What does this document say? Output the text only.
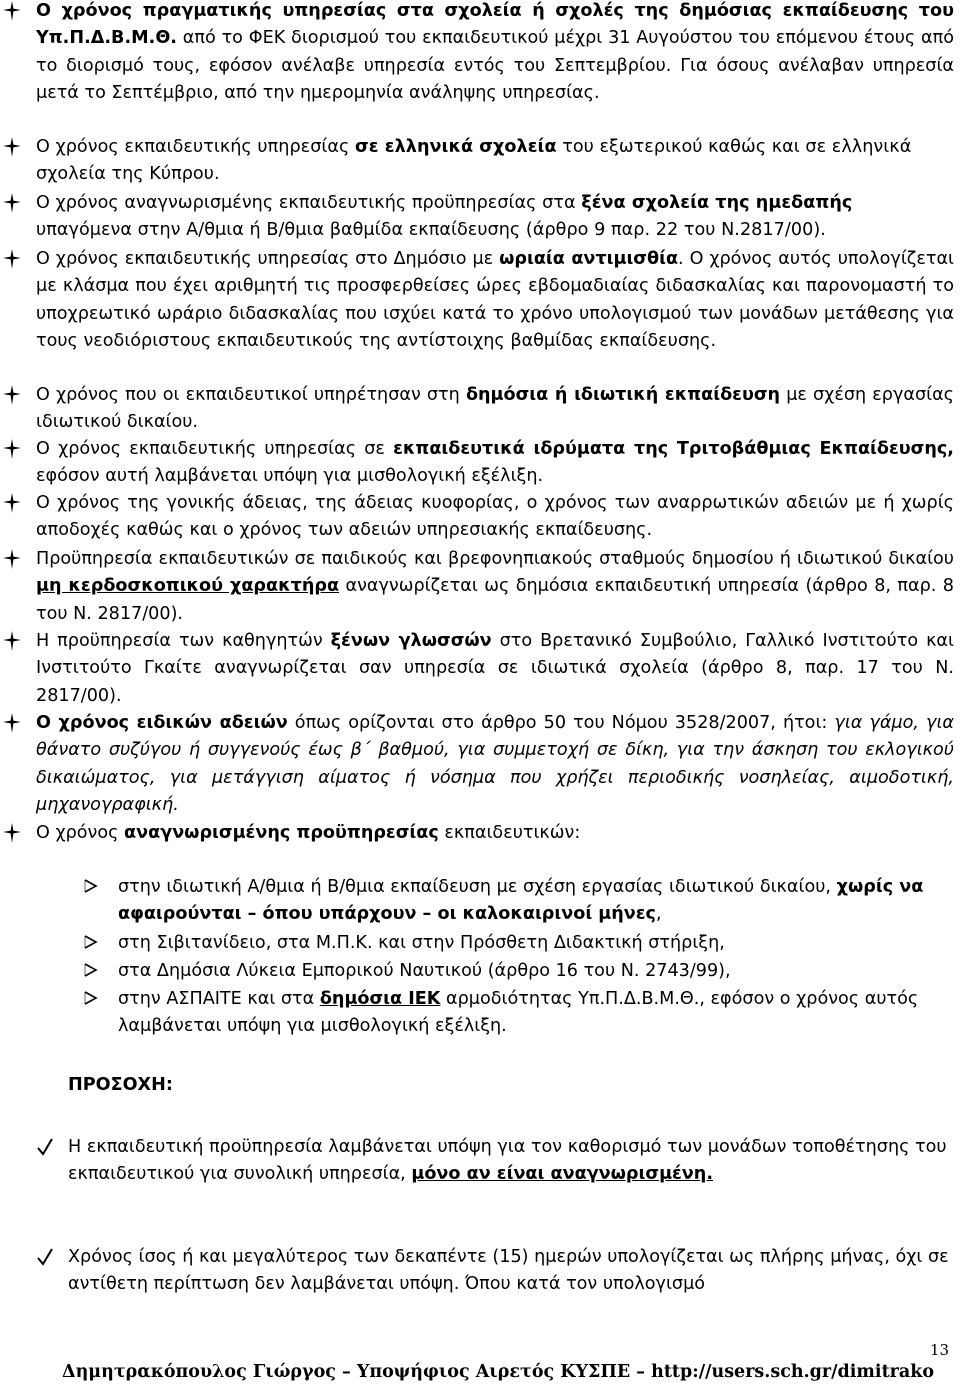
Ο χρόνος πραγματικής υπηρεσίας στα σχολεία ή σχολές της δημόσιας εκπαίδευσης του Υπ.Π.Δ.Β.Μ.Θ. από το ΦΕΚ διορισμού του εκπαιδευτικού μέχρι 31 Αυγούστου του επόμενου έτους από το διορισμό τους, εφόσον ανέλαβε υπηρεσία εντός του Σεπτεμβρίου. Για όσους ανέλαβαν υπηρεσία μετά το Σεπτέμβριο, από την ημερομηνία ανάληψης υπηρεσίας.
Ο χρόνος εκπαιδευτικής υπηρεσίας σε ελληνικά σχολεία του εξωτερικού καθώς και σε ελληνικά σχολεία της Κύπρου.
Ο χρόνος αναγνωρισμένης εκπαιδευτικής προϋπηρεσίας στα ξένα σχολεία της ημεδαπής υπαγόμενα στην Α/θμια ή Β/θμια βαθμίδα εκπαίδευσης (άρθρο 9 παρ. 22 του Ν.2817/00).
Ο χρόνος εκπαιδευτικής υπηρεσίας στο Δημόσιο με ωριαία αντιμισθία. Ο χρόνος αυτός υπολογίζεται με κλάσμα που έχει αριθμητή τις προσφερθείσες ώρες εβδομαδιαίας διδασκαλίας και παρονομαστή το υποχρεωτικό ωράριο διδασκαλίας που ισχύει κατά το χρόνο υπολογισμού των μονάδων μετάθεσης για τους νεοδιόριστους εκπαιδευτικούς της αντίστοιχης βαθμίδας εκπαίδευσης.
Ο χρόνος που οι εκπαιδευτικοί υπηρέτησαν στη δημόσια ή ιδιωτική εκπαίδευση με σχέση εργασίας ιδιωτικού δικαίου.
Ο χρόνος εκπαιδευτικής υπηρεσίας σε εκπαιδευτικά ιδρύματα της Τριτοβάθμιας Εκπαίδευσης, εφόσον αυτή λαμβάνεται υπόψη για μισθολογική εξέλιξη.
Ο χρόνος της γονικής άδειας, της άδειας κυοφορίας, ο χρόνος των αναρρωτικών αδειών με ή χωρίς αποδοχές καθώς και ο χρόνος των αδειών υπηρεσιακής εκπαίδευσης.
Προϋπηρεσία εκπαιδευτικών σε παιδικούς και βρεφονηπιακούς σταθμούς δημοσίου ή ιδιωτικού δικαίου μη κερδοσκοπικού χαρακτήρα αναγνωρίζεται ως δημόσια εκπαιδευτική υπηρεσία (άρθρο 8, παρ. 8 του Ν. 2817/00).
Η προϋπηρεσία των καθηγητών ξένων γλωσσών στο Βρετανικό Συμβούλιο, Γαλλικό Ινστιτούτο και Ινστιτούτο Γκαίτε αναγνωρίζεται σαν υπηρεσία σε ιδιωτικά σχολεία (άρθρο 8, παρ. 17 του Ν. 2817/00).
Ο χρόνος ειδικών αδειών όπως ορίζονται στο άρθρο 50 του Νόμου 3528/2007, ήτοι: για γάμο, για θάνατο συζύγου ή συγγενούς έως β΄ βαθμού, για συμμετοχή σε δίκη, για την άσκηση του εκλογικού δικαιώματος, για μετάγγιση αίματος ή νόσημα που χρήζει περιοδικής νοσηλείας, αιμοδοτική, μηχανογραφική.
Ο χρόνος αναγνωρισμένης προϋπηρεσίας εκπαιδευτικών:
στην ιδιωτική Α/θμια ή Β/θμια εκπαίδευση με σχέση εργασίας ιδιωτικού δικαίου, χωρίς να αφαιρούνται – όπου υπάρχουν – οι καλοκαιρινοί μήνες,
στη Σιβιτανίδειο, στα Μ.Π.Κ. και στην Πρόσθετη Διδακτική στήριξη,
στα Δημόσια Λύκεια Εμπορικού Ναυτικού (άρθρο 16 του Ν. 2743/99),
στην ΑΣΠΑΙΤΕ και στα δημόσια ΙΕΚ αρμοδιότητας Υπ.Π.Δ.Β.Μ.Θ., εφόσον ο χρόνος αυτός λαμβάνεται υπόψη για μισθολογική εξέλιξη.
ΠΡΟΣΟΧΗ:
Η εκπαιδευτική προϋπηρεσία λαμβάνεται υπόψη για τον καθορισμό των μονάδων τοποθέτησης του εκπαιδευτικού για συνολική υπηρεσία, μόνο αν είναι αναγνωρισμένη.
Χρόνος ίσος ή και μεγαλύτερος των δεκαπέντε (15) ημερών υπολογίζεται ως πλήρης μήνας, όχι σε αντίθετη περίπτωση δεν λαμβάνεται υπόψη. Όπου κατά τον υπολογισμό
Δημητρακόπουλος Γιώργος – Υποψήφιος Αιρετός ΚΥΣΠΕ – http://users.sch.gr/dimitrako
13
